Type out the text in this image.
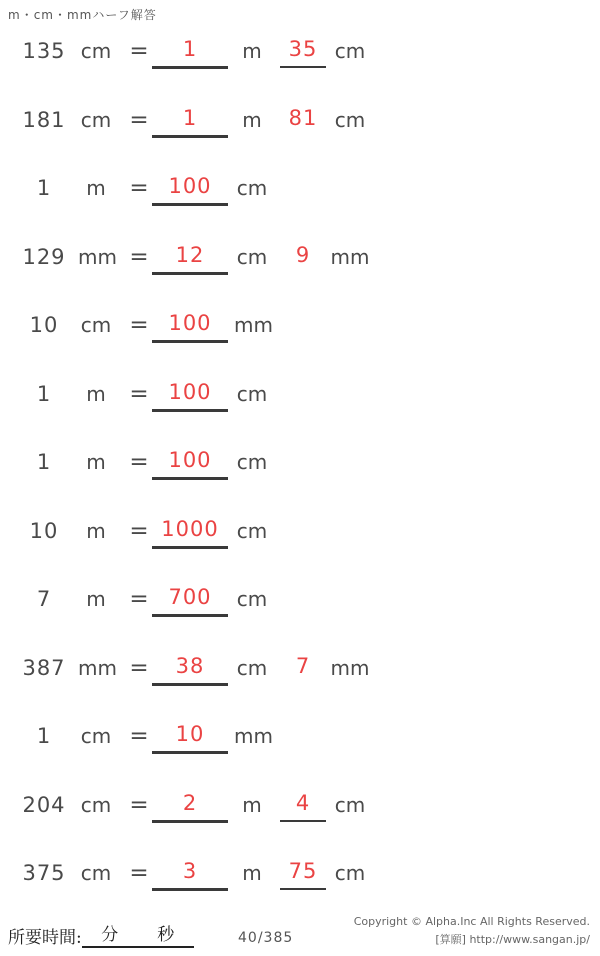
m・cm・mmハーフ解答
135 cm =	1	m	35 cm
181 cm =	1	m	81 cm
1	m	= 100	cm
129 mm =	12	cm	9	mm
10	cm = 100	mm
1	m	= 100	cm
1	m	= 100	cm
10	m	= 1000 cm
7	m	= 700	cm
387 mm =	38	cm	7	mm
1	cm =	10	mm
204 cm =	2	m	4	cm
375 cm =	3	m	75 cm
所要時間: 分 秒	40/385
Copyright © Alpha.Inc All Rights Reserved.
[算願] http://www.sangan.jp/
